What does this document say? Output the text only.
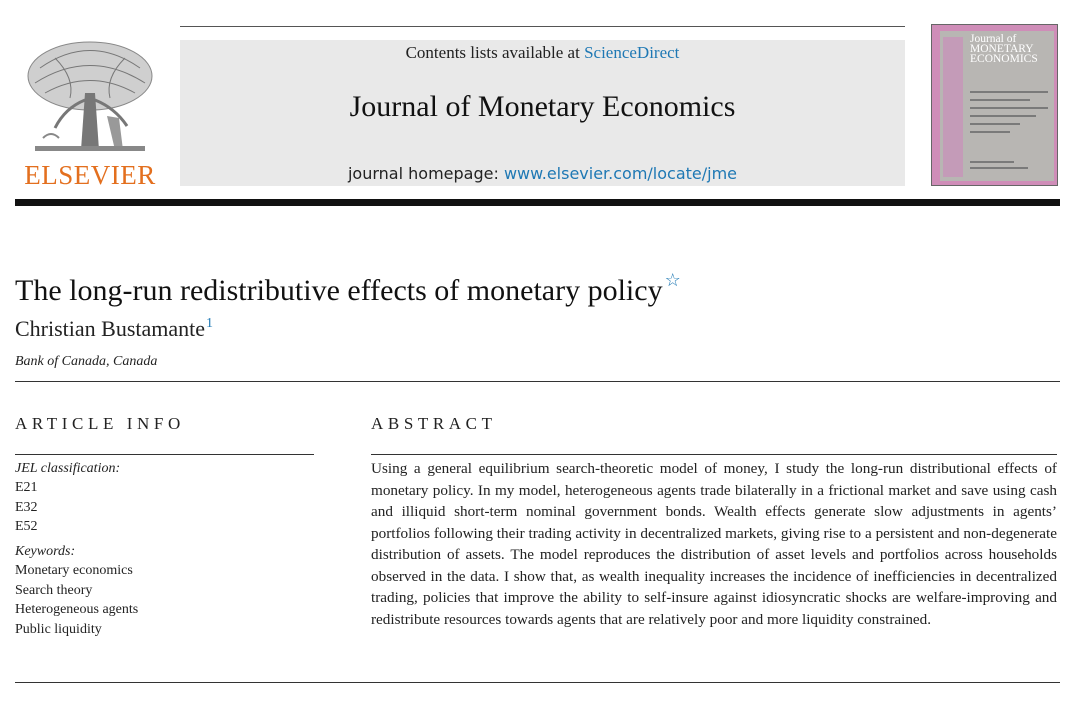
ELSEVIER
Contents lists available at ScienceDirect
Journal of Monetary Economics
journal homepage: www.elsevier.com/locate/jme
Journal of MONETARY ECONOMICS
The long-run redistributive effects of monetary policy ☆
Christian Bustamante$^1$
Bank of Canada, Canada
ARTICLE INFO
JEL classification:
E21
E32
E52
Keywords:
Monetary economics
Search theory
Heterogeneous agents
Public liquidity
ABSTRACT
Using a general equilibrium search-theoretic model of money, I study the long-run distributional effects of monetary policy. In my model, heterogeneous agents trade bilaterally in a frictional market and save using cash and illiquid short-term nominal government bonds. Wealth effects generate slow adjustments in agents’ portfolios following their trading activity in decentralized markets, giving rise to a persistent and non-degenerate distribution of assets. The model reproduces the distribution of asset levels and portfolios across households observed in the data. I show that, as wealth inequality increases the incidence of inefficiencies in decentralized trading, policies that improve the ability to self-insure against idiosyncratic shocks are welfare-improving and redistribute resources towards agents that are relatively poor and more liquidity constrained.
